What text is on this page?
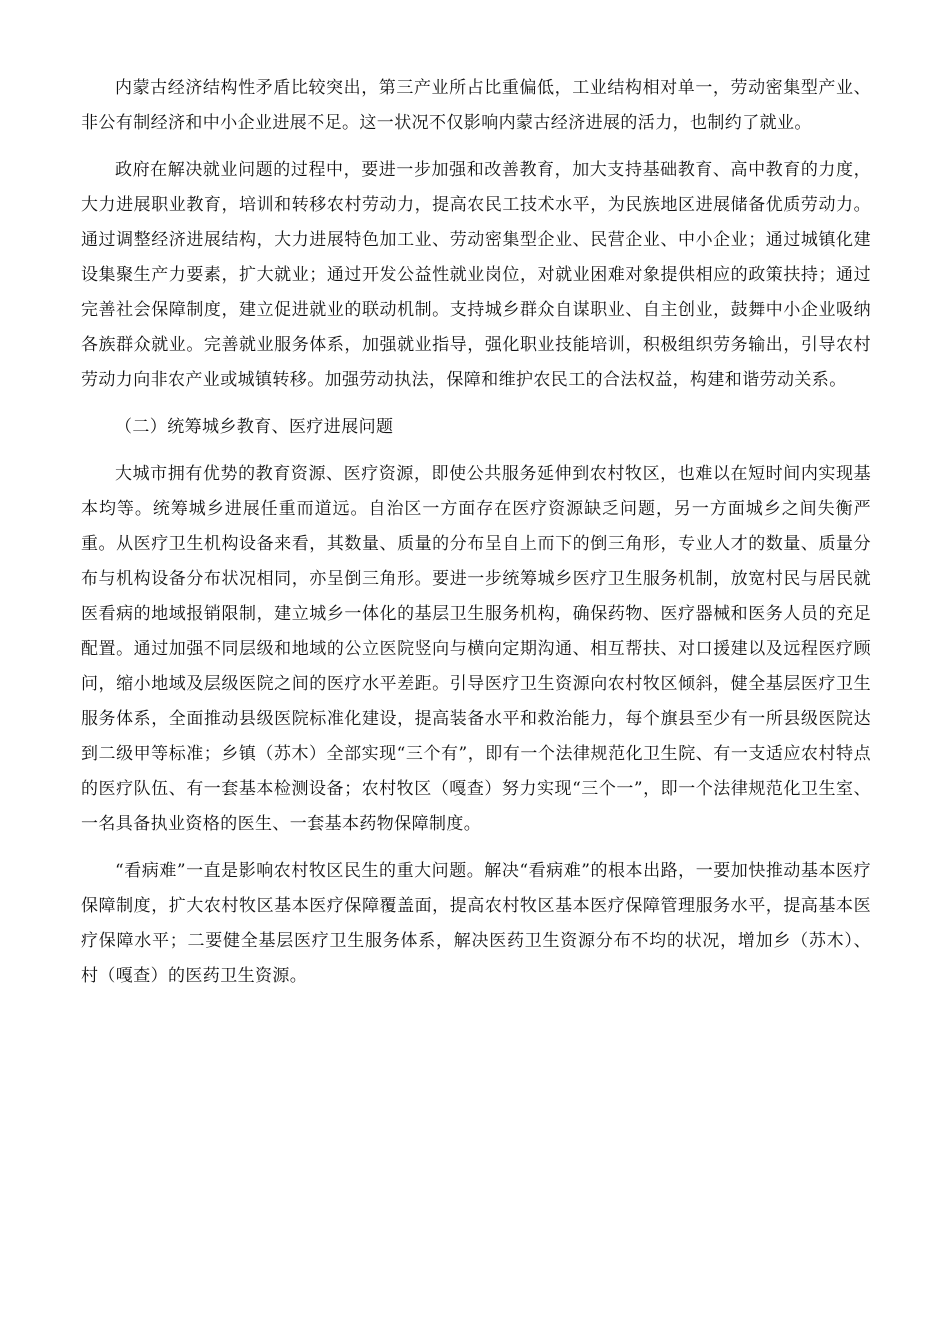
内蒙古经济结构性矛盾比较突出，第三产业所占比重偏低，工业结构相对单一，劳动密集型产业、非公有制经济和中小企业进展不足。这一状况不仅影响内蒙古经济进展的活力，也制约了就业。

政府在解决就业问题的过程中，要进一步加强和改善教育，加大支持基础教育、高中教育的力度，大力进展职业教育，培训和转移农村劳动力，提高农民工技术水平，为民族地区进展储备优质劳动力。通过调整经济进展结构，大力进展特色加工业、劳动密集型企业、民营企业、中小企业；通过城镇化建设集聚生产力要素，扩大就业；通过开发公益性就业岗位，对就业困难对象提供相应的政策扶持；通过完善社会保障制度，建立促进就业的联动机制。支持城乡群众自谋职业、自主创业，鼓舞中小企业吸纳各族群众就业。完善就业服务体系，加强就业指导，强化职业技能培训，积极组织劳务输出，引导农村劳动力向非农产业或城镇转移。加强劳动执法，保障和维护农民工的合法权益，构建和谐劳动关系。

（二）统筹城乡教育、医疗进展问题

大城市拥有优势的教育资源、医疗资源，即使公共服务延伸到农村牧区，也难以在短时间内实现基本均等。统筹城乡进展任重而道远。自治区一方面存在医疗资源缺乏问题，另一方面城乡之间失衡严重。从医疗卫生机构设备来看，其数量、质量的分布呈自上而下的倒三角形，专业人才的数量、质量分布与机构设备分布状况相同，亦呈倒三角形。要进一步统筹城乡医疗卫生服务机制，放宽村民与居民就医看病的地域报销限制，建立城乡一体化的基层卫生服务机构，确保药物、医疗器械和医务人员的充足配置。通过加强不同层级和地域的公立医院竖向与横向定期沟通、相互帮扶、对口援建以及远程医疗顾问，缩小地域及层级医院之间的医疗水平差距。引导医疗卫生资源向农村牧区倾斜，健全基层医疗卫生服务体系，全面推动县级医院标准化建设，提高装备水平和救治能力，每个旗县至少有一所县级医院达到二级甲等标准；乡镇（苏木）全部实现“三个有”，即有一个法律规范化卫生院、有一支适应农村特点的医疗队伍、有一套基本检测设备；农村牧区（嘎查）努力实现“三个一”，即一个法律规范化卫生室、一名具备执业资格的医生、一套基本药物保障制度。

“看病难”一直是影响农村牧区民生的重大问题。解决“看病难”的根本出路，一要加快推动基本医疗保障制度，扩大农村牧区基本医疗保障覆盖面，提高农村牧区基本医疗保障管理服务水平，提高基本医疗保障水平；二要健全基层医疗卫生服务体系，解决医药卫生资源分布不均的状况，增加乡（苏木）、村（嘎查）的医药卫生资源。
